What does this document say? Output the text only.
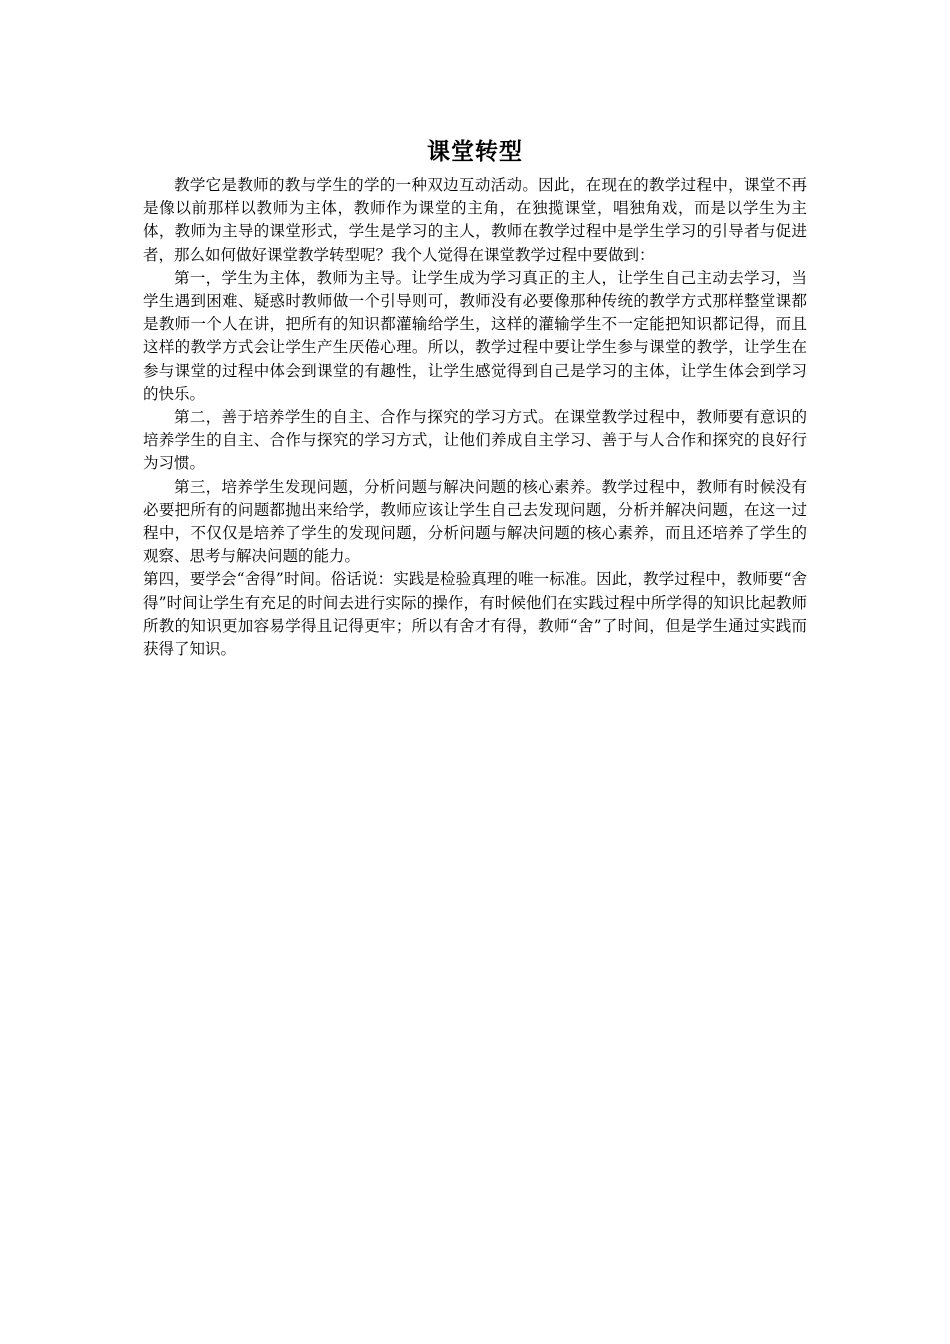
课堂转型

教学它是教师的教与学生的学的一种双边互动活动。因此，在现在的教学过程中，课堂不再是像以前那样以教师为主体，教师作为课堂的主角，在独揽课堂，唱独角戏，而是以学生为主体，教师为主导的课堂形式，学生是学习的主人，教师在教学过程中是学生学习的引导者与促进者，那么如何做好课堂教学转型呢？我个人觉得在课堂教学过程中要做到：

第一，学生为主体，教师为主导。让学生成为学习真正的主人，让学生自己主动去学习，当学生遇到困难、疑惑时教师做一个引导则可，教师没有必要像那种传统的教学方式那样整堂课都是教师一个人在讲，把所有的知识都灌输给学生，这样的灌输学生不一定能把知识都记得，而且这样的教学方式会让学生产生厌倦心理。所以，教学过程中要让学生参与课堂的教学，让学生在参与课堂的过程中体会到课堂的有趣性，让学生感觉得到自己是学习的主体，让学生体会到学习的快乐。

第二，善于培养学生的自主、合作与探究的学习方式。在课堂教学过程中，教师要有意识的培养学生的自主、合作与探究的学习方式，让他们养成自主学习、善于与人合作和探究的良好行为习惯。

第三，培养学生发现问题，分析问题与解决问题的核心素养。教学过程中，教师有时候没有必要把所有的问题都抛出来给学，教师应该让学生自己去发现问题，分析并解决问题，在这一过程中，不仅仅是培养了学生的发现问题，分析问题与解决问题的核心素养，而且还培养了学生的观察、思考与解决问题的能力。

第四，要学会“舍得”时间。俗话说：实践是检验真理的唯一标准。因此，教学过程中，教师要“舍得”时间让学生有充足的时间去进行实际的操作，有时候他们在实践过程中所学得的知识比起教师所教的知识更加容易学得且记得更牢；所以有舍才有得，教师“舍”了时间，但是学生通过实践而获得了知识。
